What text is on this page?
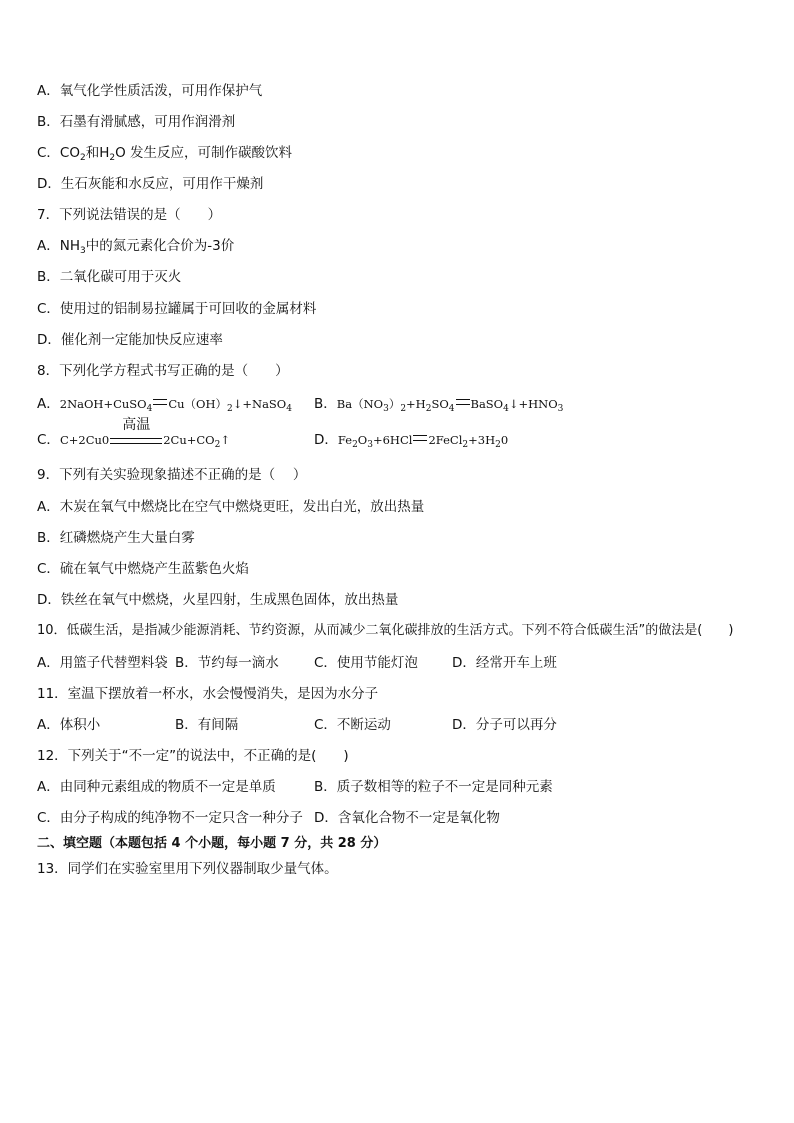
A．氧气化学性质活泼，可用作保护气
B．石墨有滑腻感，可用作润滑剂
C．$CO_2$和$H_2O$ 发生反应，可制作碳酸饮料
D．生石灰能和水反应，可用作干燥剂
7．下列说法错误的是（　　）
A．$NH_3$中的氮元素化合价为-3价
B．二氧化碳可用于灭火
C．使用过的铝制易拉罐属于可回收的金属材料
D．催化剂一定能加快反应速率
8．下列化学方程式书写正确的是（　　）
A．2NaOH+CuSO$_4$ $Cu(OH)_2↓+NaSO_4$ B．$Ba(NO_3)_2+H_2SO_4$ $BaSO_4↓+HNO_3$
C．C+2Cu0
高温
$2Cu+CO_2↑$	D．$Fe_2O_3+6HCl$ $2FeCl_2+3H_20$
9．下列有关实验现象描述不正确的是（　 ）
A．木炭在氧气中燃烧比在空气中燃烧更旺，发出白光，放出热量
B．红磷燃烧产生大量白雾
C．硫在氧气中燃烧产生蓝紫色火焰
D．铁丝在氧气中燃烧，火星四射，生成黑色固体，放出热量
10．低碳生活，是指减少能源消耗、节约资源，从而减少二氧化碳排放的生活方式。下列不符合低碳生活”的做法是(　　)
A．用篮子代替塑料袋 B．节约每一滴水	C．使用节能灯泡	D．经常开车上班
11．室温下摆放着一杯水，水会慢慢消失，是因为水分子
A．体积小	B．有间隔	C．不断运动	D．分子可以再分
12．下列关于“不一定”的说法中，不正确的是(　　)
A．由同种元素组成的物质不一定是单质	B．质子数相等的粒子不一定是同种元素
C．由分子构成的纯净物不一定只含一种分子 D．含氧化合物不一定是氧化物
二、填空题（本题包括 4 个小题，每小题 7 分，共 28 分）
13．同学们在实验室里用下列仪器制取少量气体。
